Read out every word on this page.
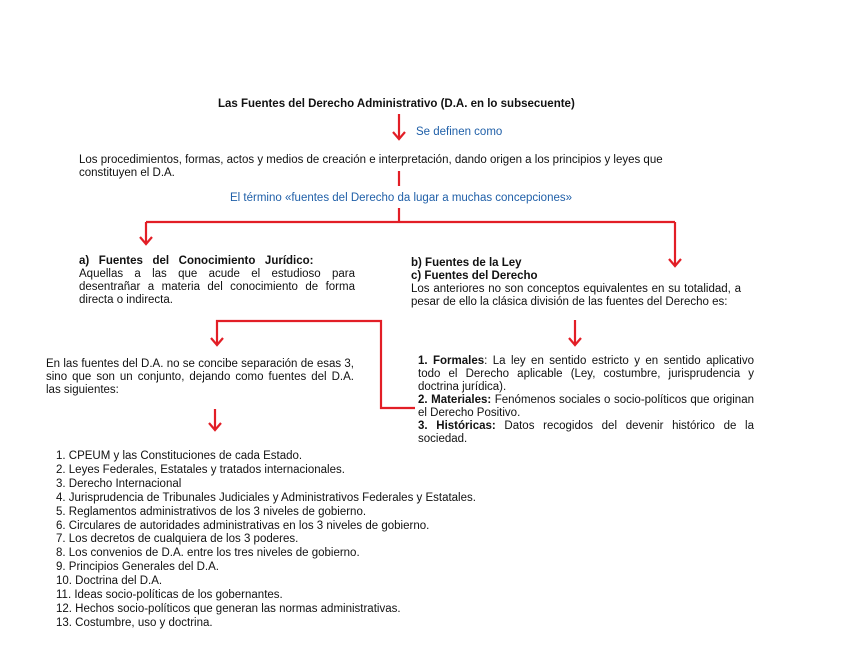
Las Fuentes del Derecho Administrativo (D.A. en lo subsecuente)

Se definen como

Los procedimientos, formas, actos y medios de creación e interpretación, dando origen a los principios y leyes que constituyen el D.A.

El término «fuentes del Derecho da lugar a muchas concepciones»

a)   Fuentes   del   Conocimiento   Jurídico:
Aquellas a las que acude el estudioso para desentrañar a materia del conocimiento de forma directa o indirecta.
b) Fuentes de la Ley
c) Fuentes del Derecho
Los anteriores no son conceptos equivalentes en su totalidad, a pesar de ello la clásica división de las fuentes del Derecho es:

En las fuentes del D.A. no se concibe separación de esas 3, sino que son un conjunto, dejando como fuentes del D.A. las siguientes:

1. Formales: La ley en sentido estricto y en sentido aplicativo todo el Derecho aplicable (Ley, costumbre, jurisprudencia y doctrina jurídica).
2. Materiales: Fenómenos sociales o socio-políticos que originan el Derecho Positivo.
3. Históricas: Datos recogidos del devenir histórico de la sociedad.
1. CPEUM y las Constituciones de cada Estado.
2. Leyes Federales, Estatales y tratados internacionales.
3. Derecho Internacional
4. Jurisprudencia de Tribunales Judiciales y Administrativos Federales y Estatales.
5. Reglamentos administrativos de los 3 niveles de gobierno.
6. Circulares de autoridades administrativas en los 3 niveles de gobierno.
7. Los decretos de cualquiera de los 3 poderes.
8. Los convenios de D.A. entre los tres niveles de gobierno.
9. Principios Generales del D.A.
10. Doctrina del D.A.
11. Ideas socio-políticas de los gobernantes.
12. Hechos socio-políticos que generan las normas administrativas.
13. Costumbre, uso y doctrina.
